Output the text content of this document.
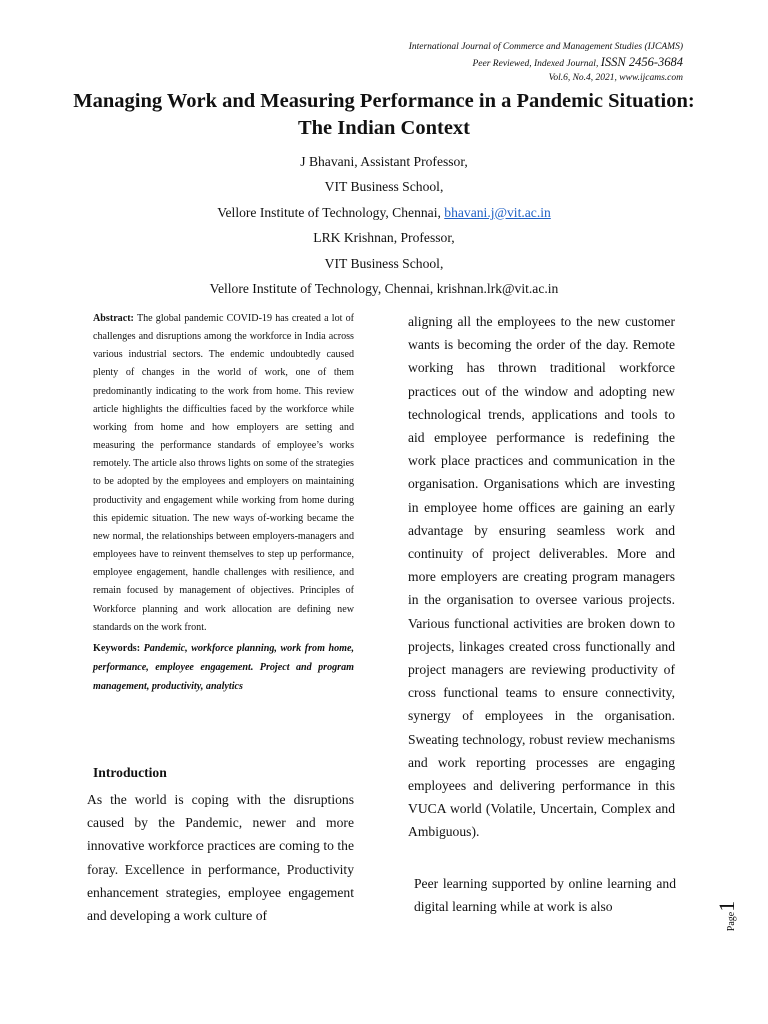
International Journal of Commerce and Management Studies (IJCAMS)
Peer Reviewed, Indexed Journal, ISSN 2456-3684
Vol.6, No.4, 2021, www.ijcams.com
Managing Work and Measuring Performance in a Pandemic Situation: The Indian Context
J Bhavani, Assistant Professor,
VIT Business School,
Vellore Institute of Technology, Chennai, bhavani.j@vit.ac.in
LRK Krishnan, Professor,
VIT Business School,
Vellore Institute of Technology, Chennai, krishnan.lrk@vit.ac.in
Abstract: The global pandemic COVID-19 has created a lot of challenges and disruptions among the workforce in India across various industrial sectors. The endemic undoubtedly caused plenty of changes in the world of work, one of them predominantly indicating to the work from home. This review article highlights the difficulties faced by the workforce while working from home and how employers are setting and measuring the performance standards of employee’s works remotely. The article also throws lights on some of the strategies to be adopted by the employees and employers on maintaining productivity and engagement while working from home during this epidemic situation. The new ways of-working became the new normal, the relationships between employers-managers and employees have to reinvent themselves to step up performance, employee engagement, handle challenges with resilience, and remain focused by management of objectives. Principles of Workforce planning and work allocation are defining new standards on the work front.
Keywords: Pandemic, workforce planning, work from home, performance, employee engagement. Project and program management, productivity, analytics
Introduction
As the world is coping with the disruptions caused by the Pandemic, newer and more innovative workforce practices are coming to the foray. Excellence in performance, Productivity enhancement strategies, employee engagement and developing a work culture of
aligning all the employees to the new customer wants is becoming the order of the day. Remote working has thrown traditional workforce practices out of the window and adopting new technological trends, applications and tools to aid employee performance is redefining the work place practices and communication in the organisation. Organisations which are investing in employee home offices are gaining an early advantage by ensuring seamless work and continuity of project deliverables. More and more employers are creating program managers in the organisation to oversee various projects. Various functional activities are broken down to projects, linkages created cross functionally and project managers are reviewing productivity of cross functional teams to ensure connectivity, synergy of employees in the organisation. Sweating technology, robust review mechanisms and work reporting processes are engaging employees and delivering performance in this VUCA world (Volatile, Uncertain, Complex and Ambiguous).
Peer learning supported by online learning and digital learning while at work is also
Page1
